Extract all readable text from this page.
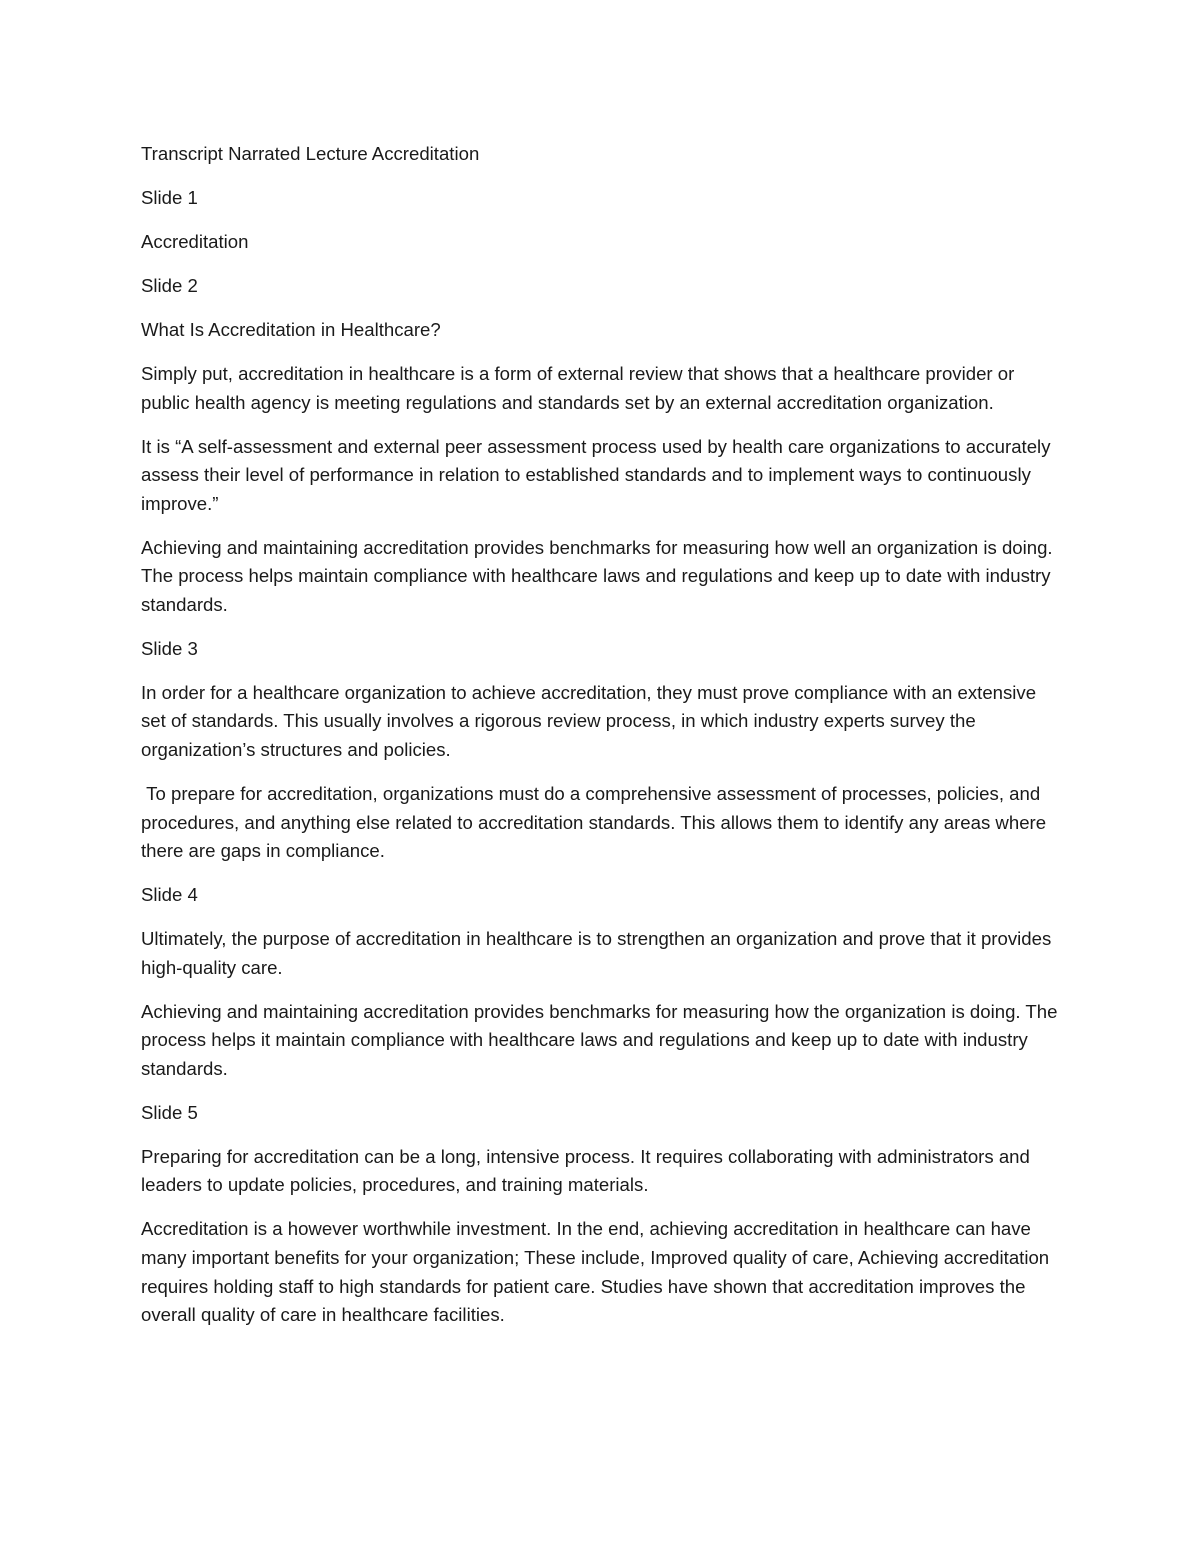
Transcript Narrated Lecture Accreditation

Slide 1

Accreditation

Slide 2

What Is Accreditation in Healthcare?

Simply put, accreditation in healthcare is a form of external review that shows that a healthcare provider or public health agency is meeting regulations and standards set by an external accreditation organization.

It is “A self-assessment and external peer assessment process used by health care organizations to accurately assess their level of performance in relation to established standards and to implement ways to continuously improve.”

Achieving and maintaining accreditation provides benchmarks for measuring how well an organization is doing. The process helps maintain compliance with healthcare laws and regulations and keep up to date with industry standards.

Slide 3

In order for a healthcare organization to achieve accreditation, they must prove compliance with an extensive set of standards. This usually involves a rigorous review process, in which industry experts survey the organization’s structures and policies.

To prepare for accreditation, organizations must do a comprehensive assessment of processes, policies, and procedures, and anything else related to accreditation standards. This allows them to identify any areas where there are gaps in compliance.

Slide 4

Ultimately, the purpose of accreditation in healthcare is to strengthen an organization and prove that it provides high-quality care.

Achieving and maintaining accreditation provides benchmarks for measuring how the organization is doing. The process helps it maintain compliance with healthcare laws and regulations and keep up to date with industry standards.

Slide 5

Preparing for accreditation can be a long, intensive process. It requires collaborating with administrators and leaders to update policies, procedures, and training materials.

Accreditation is a however worthwhile investment. In the end, achieving accreditation in healthcare can have many important benefits for your organization; These include, Improved quality of care, Achieving accreditation requires holding staff to high standards for patient care. Studies have shown that accreditation improves the overall quality of care in healthcare facilities.
